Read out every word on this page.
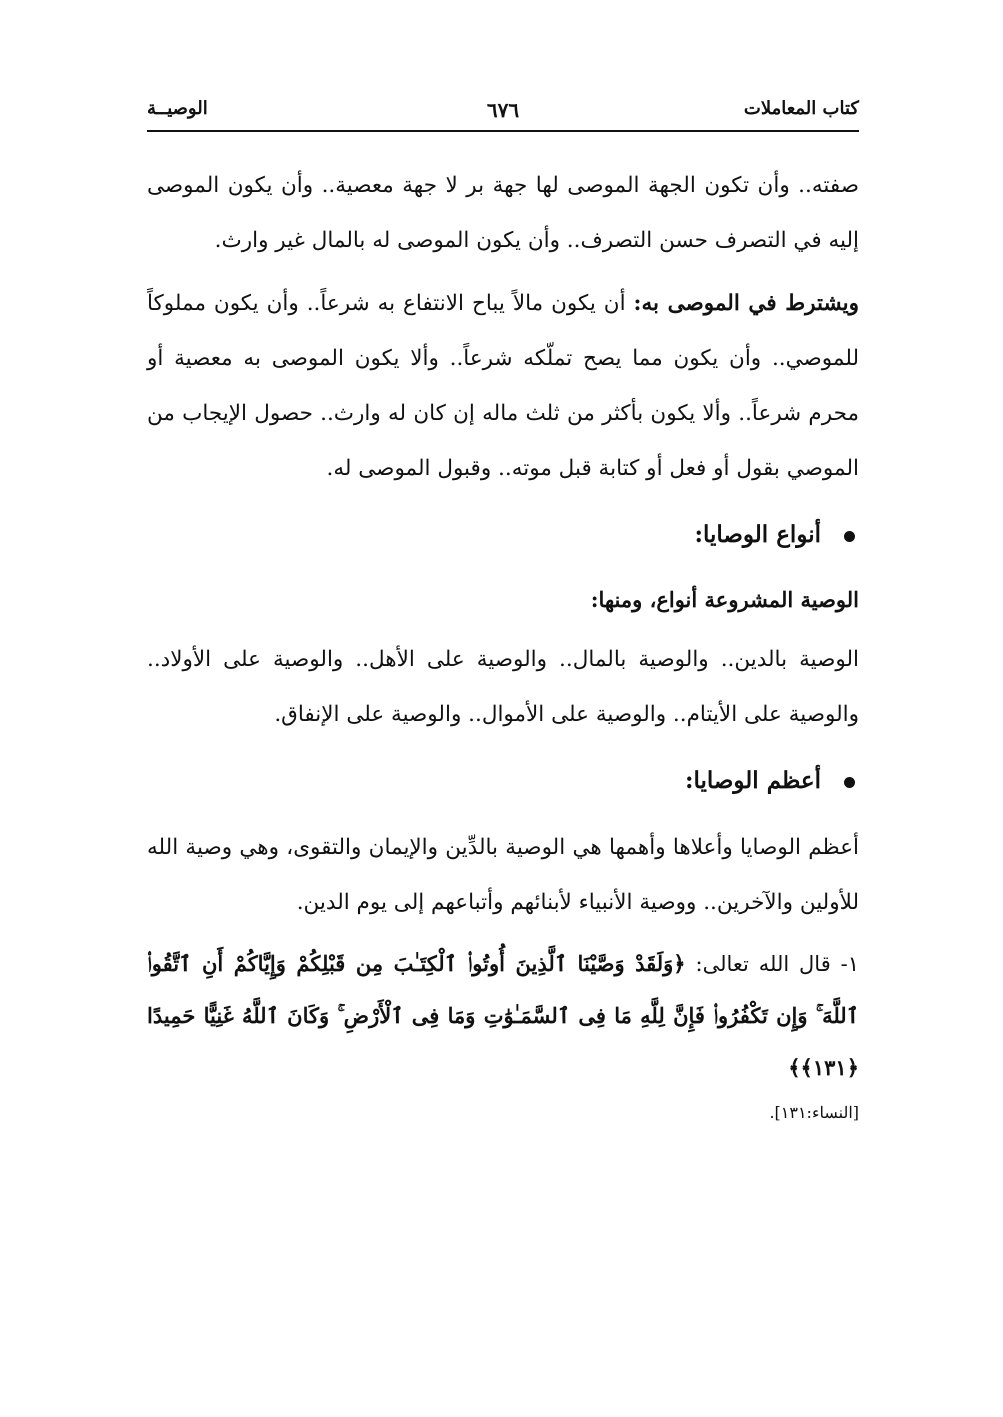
كتاب المعاملات
٦٧٦
الوصيــة

صفته.. وأن تكون الجهة الموصى لها جهة بر لا جهة معصية.. وأن يكون الموصى إليه في التصرف حسن التصرف.. وأن يكون الموصى له بالمال غير وارث.

ويشترط في الموصى به: أن يكون مالاً يباح الانتفاع به شرعاً.. وأن يكون مملوكاً للموصي.. وأن يكون مما يصح تملّكه شرعاً.. وألا يكون الموصى به معصية أو محرم شرعاً.. وألا يكون بأكثر من ثلث ماله إن كان له وارث.. حصول الإيجاب من الموصي بقول أو فعل أو كتابة قبل موته.. وقبول الموصى له.

أنواع الوصايا:

الوصية المشروعة أنواع، ومنها:

الوصية بالدين.. والوصية بالمال.. والوصية على الأهل.. والوصية على الأولاد.. والوصية على الأيتام.. والوصية على الأموال.. والوصية على الإنفاق.

أعظم الوصايا:

أعظم الوصايا وأعلاها وأهمها هي الوصية بالدِّين والإيمان والتقوى، وهي وصية الله للأولين والآخرين.. ووصية الأنبياء لأبنائهم وأتباعهم إلى يوم الدين.

١- قال الله تعالى: ﴿وَلَقَدْ وَصَّيْنَا ٱلَّذِينَ أُوتُوا۟ ٱلْكِتَـٰبَ مِن قَبْلِكُمْ وَإِيَّاكُمْ أَنِ ٱتَّقُوا۟ ٱللَّهَ ۚ وَإِن تَكْفُرُوا۟ فَإِنَّ لِلَّهِ مَا فِى ٱلسَّمَـٰوَٰتِ وَمَا فِى ٱلْأَرْضِ ۚ وَكَانَ ٱللَّهُ غَنِيًّا حَمِيدًا ﴿١٣١﴾﴾

[النساء:١٣١].
